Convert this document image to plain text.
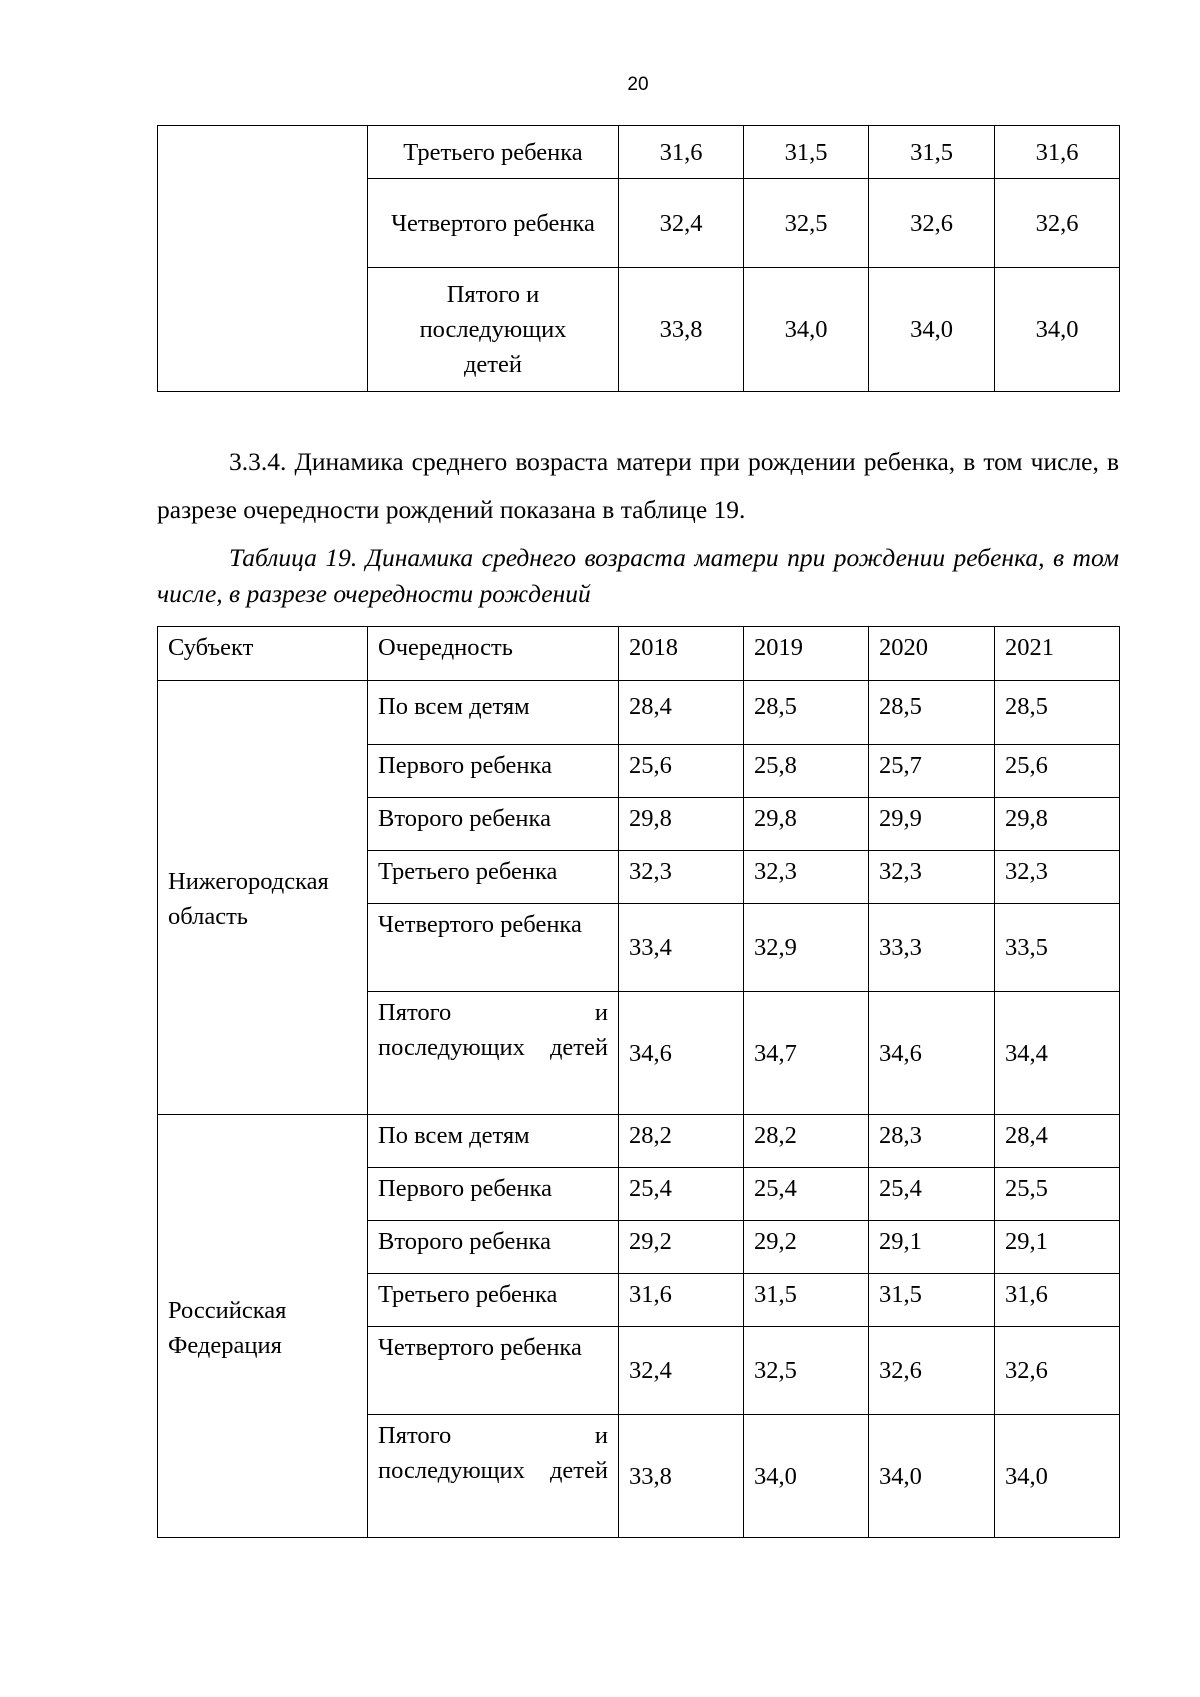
20
	Третьего ребенка	31,6	31,5	31,5	31,6
	Четвертого ребенка	32,4	32,5	32,6	32,6
	Пятого и последующих детей	33,8	34,0	34,0	34,0
3.3.4. Динамика среднего возраста матери при рождении ребенка, в том числе, в разрезе очередности рождений показана в таблице 19.
Таблица 19. Динамика среднего возраста матери при рождении ребенка, в том числе, в разрезе очередности рождений
Субъект	Очередность	2018	2019	2020	2021
Нижегородская область	По всем детям	28,4	28,5	28,5	28,5
	Первого ребенка	25,6	25,8	25,7	25,6
	Второго ребенка	29,8	29,8	29,9	29,8
	Третьего ребенка	32,3	32,3	32,3	32,3
	Четвертого ребенка	33,4	32,9	33,3	33,5
	Пятого и последующих детей	34,6	34,7	34,6	34,4
Российская Федерация	По всем детям	28,2	28,2	28,3	28,4
	Первого ребенка	25,4	25,4	25,4	25,5
	Второго ребенка	29,2	29,2	29,1	29,1
	Третьего ребенка	31,6	31,5	31,5	31,6
	Четвертого ребенка	32,4	32,5	32,6	32,6
	Пятого и последующих детей	33,8	34,0	34,0	34,0
